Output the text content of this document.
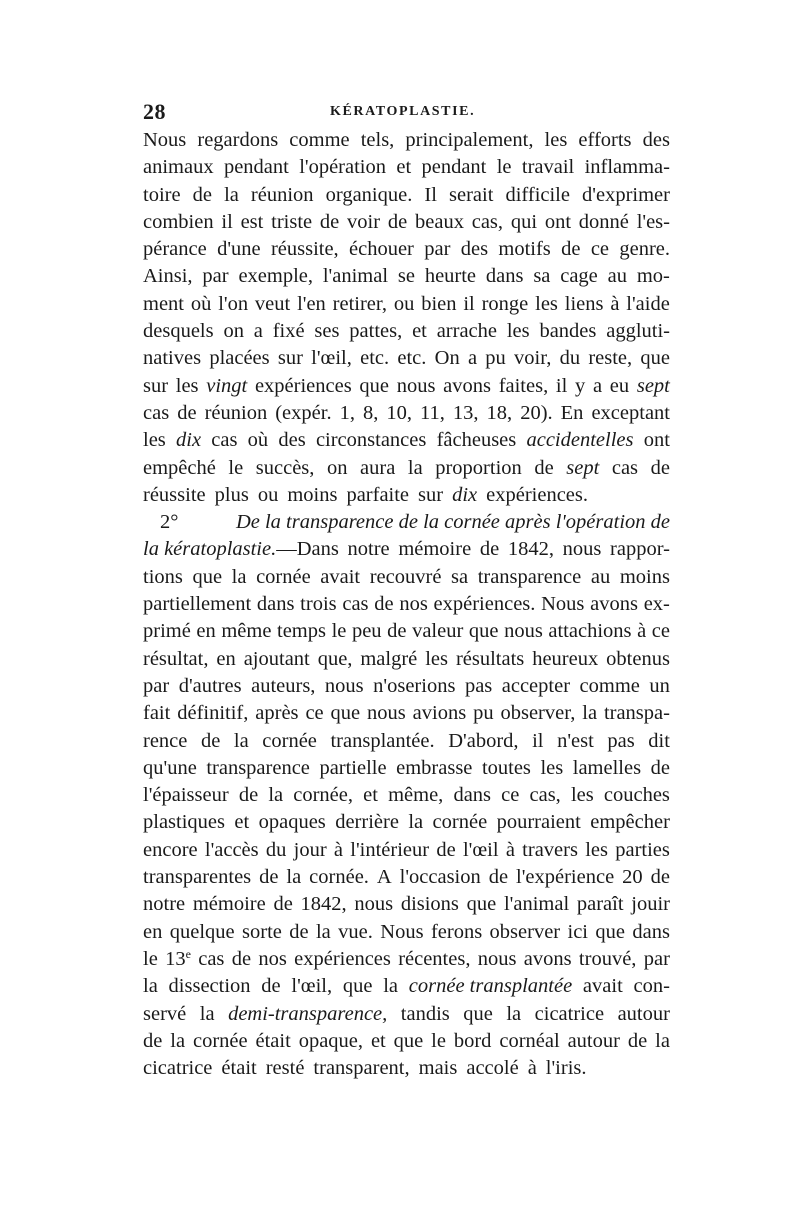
28	KÉRATOPLASTIE.
Nous regardons comme tels, principalement, les efforts des
animaux pendant l'opération et pendant le travail inflamma-
toire de la réunion organique. Il serait difficile d'exprimer
combien il est triste de voir de beaux cas, qui ont donné l'es-
pérance d'une réussite, échouer par des motifs de ce genre.
Ainsi, par exemple, l'animal se heurte dans sa cage au mo-
ment où l'on veut l'en retirer, ou bien il ronge les liens à l'aide
desquels on a fixé ses pattes, et arrache les bandes aggluti-
natives placées sur l'œil, etc. etc. On a pu voir, du reste, que
sur les vingt expériences que nous avons faites, il y a eu sept
cas de réunion (expér. 1, 8, 10, 11, 13, 18, 20). En exceptant
les dix cas où des circonstances fâcheuses accidentelles ont
empêché le succès, on aura la proportion de sept cas de
réussite plus ou moins parfaite sur dix expériences.
2°	De la transparence de la cornée après l'opération de
la kératoplastie.—Dans notre mémoire de 1842, nous rappor-
tions que la cornée avait recouvré sa transparence au moins
partiellement dans trois cas de nos expériences. Nous avons ex-
primé en même temps le peu de valeur que nous attachions à ce
résultat, en ajoutant que, malgré les résultats heureux obtenus
par d'autres auteurs, nous n'oserions pas accepter comme un
fait définitif, après ce que nous avions pu observer, la transpa-
rence de la cornée transplantée. D'abord, il n'est pas dit
qu'une transparence partielle embrasse toutes les lamelles de
l'épaisseur de la cornée, et même, dans ce cas, les couches
plastiques et opaques derrière la cornée pourraient empêcher
encore l'accès du jour à l'intérieur de l'œil à travers les parties
transparentes de la cornée. A l'occasion de l'expérience 20 de
notre mémoire de 1842, nous disions que l'animal paraît jouir
en quelque sorte de la vue. Nous ferons observer ici que dans
le 13e cas de nos expériences récentes, nous avons trouvé, par
la dissection de l'œil, que la cornée transplantée avait con-
servé la demi-transparence, tandis que la cicatrice autour
de la cornée était opaque, et que le bord cornéal autour de la
cicatrice était resté transparent, mais accolé à l'iris.
